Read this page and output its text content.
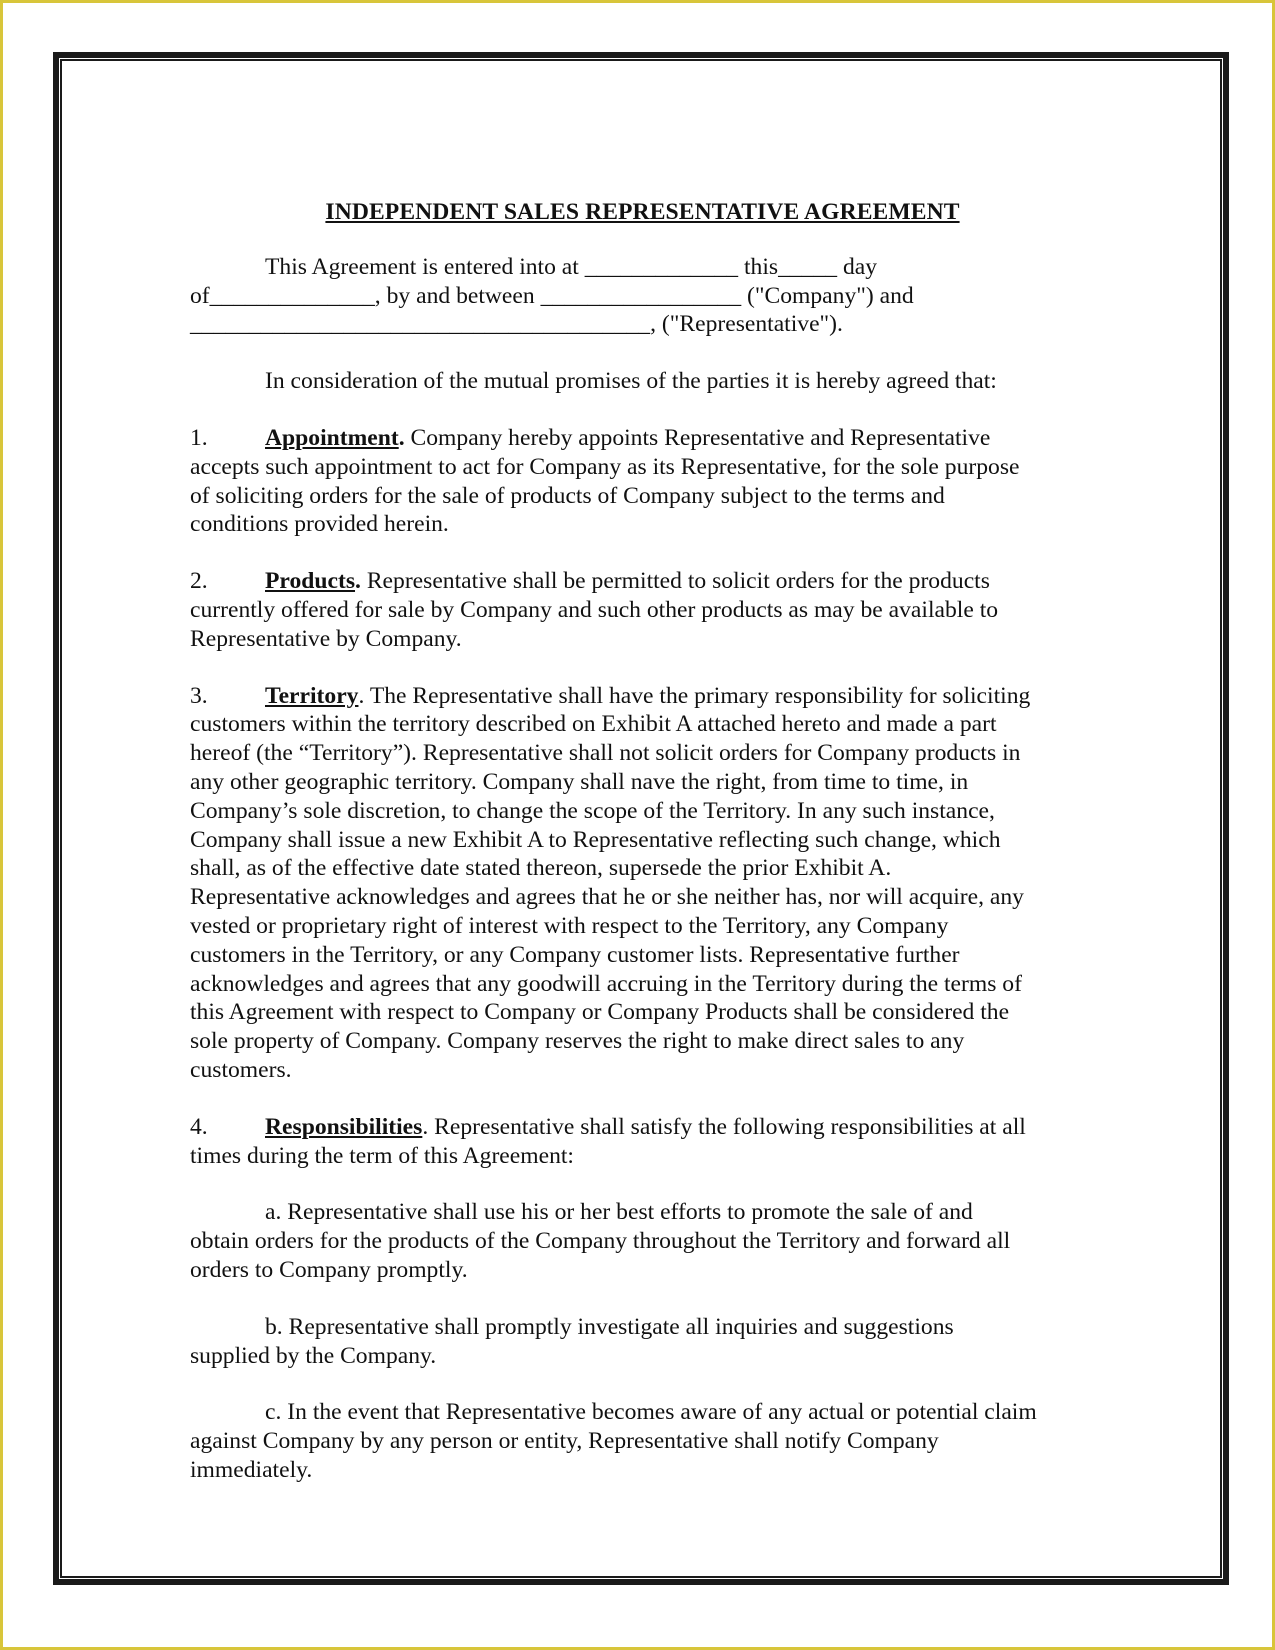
INDEPENDENT SALES REPRESENTATIVE AGREEMENT
This Agreement is entered into at _____________ this_____ day
of______________, by and between _________________ ("Company") and
_______________________________________, ("Representative").
In consideration of the mutual promises of the parties it is hereby agreed that:
1. Appointment. Company hereby appoints Representative and Representative
accepts such appointment to act for Company as its Representative, for the sole purpose
of soliciting orders for the sale of products of Company subject to the terms and
conditions provided herein.
2. Products. Representative shall be permitted to solicit orders for the products
currently offered for sale by Company and such other products as may be available to
Representative by Company.
3. Territory. The Representative shall have the primary responsibility for soliciting
customers within the territory described on Exhibit A attached hereto and made a part
hereof (the “Territory”). Representative shall not solicit orders for Company products in
any other geographic territory. Company shall nave the right, from time to time, in
Company’s sole discretion, to change the scope of the Territory. In any such instance,
Company shall issue a new Exhibit A to Representative reflecting such change, which
shall, as of the effective date stated thereon, supersede the prior Exhibit A.
Representative acknowledges and agrees that he or she neither has, nor will acquire, any
vested or proprietary right of interest with respect to the Territory, any Company
customers in the Territory, or any Company customer lists. Representative further
acknowledges and agrees that any goodwill accruing in the Territory during the terms of
this Agreement with respect to Company or Company Products shall be considered the
sole property of Company. Company reserves the right to make direct sales to any
customers.
4. Responsibilities. Representative shall satisfy the following responsibilities at all
times during the term of this Agreement:
a. Representative shall use his or her best efforts to promote the sale of and
obtain orders for the products of the Company throughout the Territory and forward all
orders to Company promptly.
b. Representative shall promptly investigate all inquiries and suggestions
supplied by the Company.
c. In the event that Representative becomes aware of any actual or potential claim
against Company by any person or entity, Representative shall notify Company
immediately.
